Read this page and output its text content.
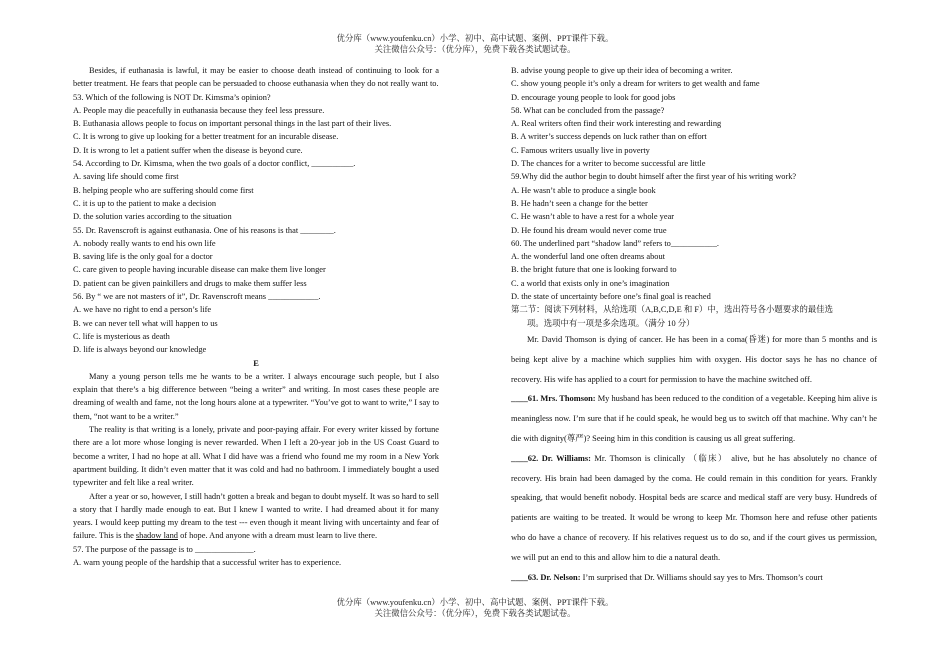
优分库（www.youfenku.cn）小学、初中、高中试题、案例、PPT课件下载。
关注微信公众号：（优分库），免费下载各类试题试卷。

Besides, if euthanasia is lawful, it may be easier to choose death instead of continuing to look for a better treatment. He fears that people can be persuaded to choose euthanasia when they do not really want to.

53. Which of the following is NOT Dr. Kimsma’s opinion?

A. People may die peacefully in euthanasia because they feel less pressure.

B. Euthanasia allows people to focus on important personal things in the last part of their lives.

C. It is wrong to give up looking for a better treatment for an incurable disease.

D. It is wrong to let a patient suffer when the disease is beyond cure.

54. According to Dr. Kimsma, when the two goals of a doctor conflict, __________.

A. saving life should come first

B. helping people who are suffering should come first

C. it is up to the patient to make a decision

D. the solution varies according to the situation

55. Dr. Ravenscroft is against euthanasia. One of his reasons is that ________.

A. nobody really wants to end his own life

B. saving life is the only goal for a doctor

C. care given to people having incurable disease can make them live longer

D. patient can be given painkillers and drugs to make them suffer less

56. By “ we are not masters of it”, Dr. Ravenscroft means ____________.

A. we have no right to end a person’s life

B. we can never tell what will happen to us

C. life is mysterious as death

D. life is always beyond our knowledge

E

Many a young person tells me he wants to be a writer. I always encourage such people, but I also explain that there’s a big difference between “being a writer” and writing. In most cases these people are dreaming of wealth and fame, not the long hours alone at a typewriter. “You’ve got to want to write,” I say to them, “not want to be a writer.”

The reality is that writing is a lonely, private and poor-paying affair. For every writer kissed by fortune there are a lot more whose longing is never rewarded. When I left a 20-year job in the US Coast Guard to become a writer, I had no hope at all. What I did have was a friend who found me my room in a New York apartment building. It didn’t even matter that it was cold and had no bathroom. I immediately bought a used typewriter and felt like a real writer.

After a year or so, however, I still hadn’t gotten a break and began to doubt myself. It was so hard to sell a story that I hardly made enough to eat. But I knew I wanted to write. I had dreamed about it for many years. I would keep putting my dream to the test --- even though it meant living with uncertainty and fear of failure. This is the shadow land of hope. And anyone with a dream must learn to live there.

57. The purpose of the passage is to ______________.

A. warn young people of the hardship that a successful writer has to experience.

B. advise young people to give up their idea of becoming a writer.

C. show young people it’s only a dream for writers to get wealth and fame

D. encourage young people to look for good jobs

58. What can be concluded from the passage?

A. Real writers often find their work interesting and rewarding

B. A writer’s success depends on luck rather than on effort

C. Famous writers usually live in poverty

D. The chances for a writer to become successful are little

59.Why did the author begin to doubt himself after the first year of his writing work?

A. He wasn’t able to produce a single book

B. He hadn’t seen a change for the better

C. He wasn’t able to have a rest for a whole year

D. He found his dream would never come true

60. The underlined part “shadow land” refers to___________.

A. the wonderful land one often dreams about

B. the bright future that one is looking forward to

C. a world that exists only in one’s imagination

D. the state of uncertainty before one’s final goal is reached

第二节：阅读下列材料，从给选项（A,B,C,D,E 和 F）中，选出符号各小题要求的最佳选

项。选项中有一项是多余选项。（满分 10 分）

Mr. David Thomson is dying of cancer. He has been in a coma(昏迷) for more than 5 months and is being kept alive by a machine which supplies him with oxygen. His doctor says he has no chance of recovery. His wife has applied to a court for permission to have the machine switched off.

____61. Mrs. Thomson: My husband has been reduced to the condition of a vegetable. Keeping him alive is meaningless now. I’m sure that if he could speak, he would beg us to switch off that machine. Why can’t he die with dignity(尊严)? Seeing him in this condition is causing us all great suffering.

____62. Dr. Williams: Mr. Thomson is clinically （临床） alive, but he has absolutely no chance of recovery. His brain had been damaged by the coma. He could remain in this condition for years. Frankly speaking, that would benefit nobody. Hospital beds are scarce and medical staff are very busy. Hundreds of patients are waiting to be treated. It would be wrong to keep Mr. Thomson here and refuse other patients who do have a chance of recovery. If his relatives request us to do so, and if the court gives us permission, we will put an end to this and allow him to die a natural death.

____63. Dr. Nelson: I’m surprised that Dr. Williams should say yes to Mrs. Thomson’s court

优分库（www.youfenku.cn）小学、初中、高中试题、案例、PPT课件下载。
关注微信公众号：（优分库），免费下载各类试题试卷。
